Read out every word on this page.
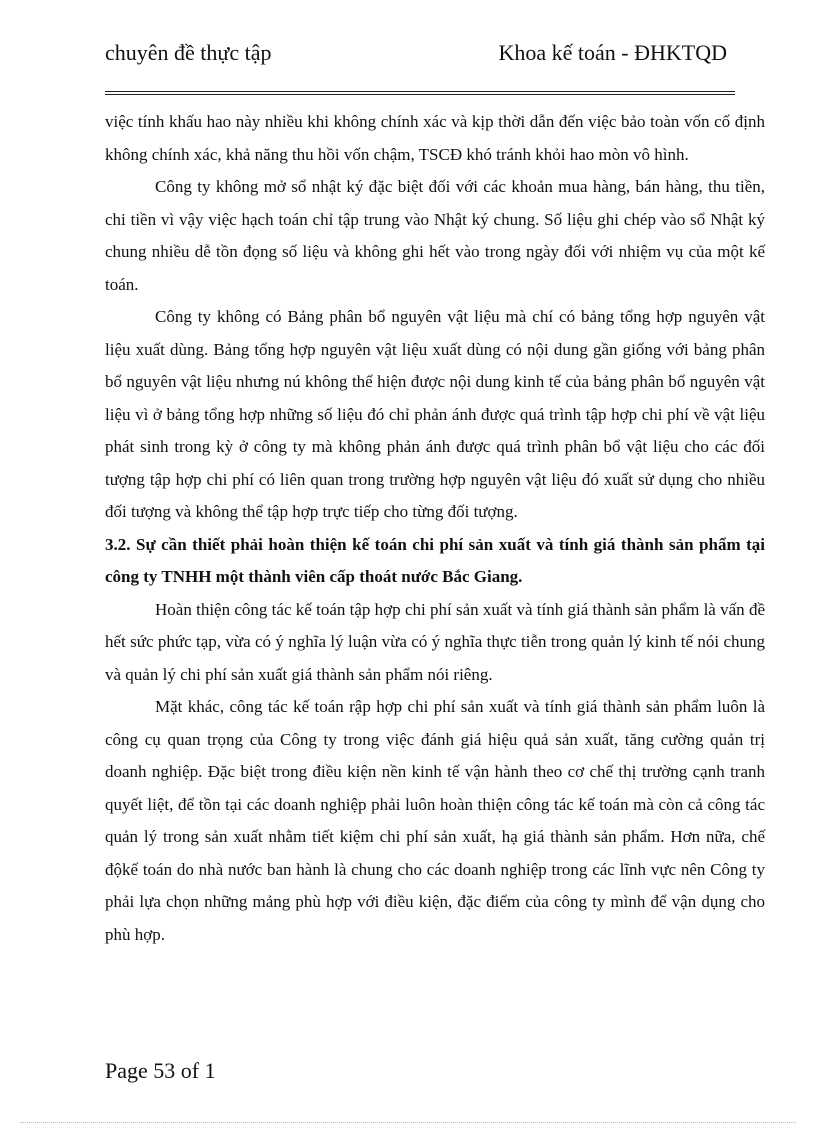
chuyên đề thực tập	Khoa kế toán - ĐHKTQD

việc tính khấu hao này nhiều khi không chính xác và kịp thời dẫn đến việc bảo toàn vốn cố định không chính xác, khả năng thu hồi vốn chậm, TSCĐ khó tránh khỏi hao mòn vô hình.

Công ty không mở sổ nhật ký đặc biệt đối với các khoản mua hàng, bán hàng, thu tiền, chi tiền vì vậy việc hạch toán chỉ tập trung vào Nhật ký chung. Số liệu ghi chép vào sổ Nhật ký chung nhiều dễ tồn đọng số liệu và không ghi hết vào trong ngày đối với nhiệm vụ của một kế toán.

Công ty không có Bảng phân bổ nguyên vật liệu mà chí có bảng tổng hợp nguyên vật liệu xuất dùng. Bảng tổng hợp nguyên vật liệu xuất dùng có nội dung gần giống với bảng phân bổ nguyên vật liệu nhưng nú không thể hiện được nội dung kinh tế của bảng phân bổ nguyên vật liệu vì ở bảng tổng hợp những số liệu đó chỉ phản ánh được quá trình tập hợp chi phí về vật liệu phát sinh trong kỳ ở công ty mà không phản ánh được quá trình phân bổ vật liệu cho các đối tượng tập hợp chi phí có liên quan trong trường hợp nguyên vật liệu đó xuất sử dụng cho nhiều đối tượng và không thể tập hợp trực tiếp cho từng đối tượng.

3.2. Sự cần thiết phải hoàn thiện kế toán chi phí sản xuất và tính giá thành sản phẩm tại công ty TNHH một thành viên cấp thoát nước Bắc Giang.

Hoàn thiện công tác kế toán tập hợp chi phí sản xuất và tính giá thành sản phẩm là vấn đề hết sức phức tạp, vừa có ý nghĩa lý luận vừa có ý nghĩa thực tiễn trong quản lý kinh tế nói chung và quản lý chi phí sản xuất giá thành sản phẩm nói riêng.

Mặt khác, công tác kế toán rập hợp chi phí sản xuất và tính giá thành sản phẩm luôn là công cụ quan trọng của Công ty trong việc đánh giá hiệu quả sản xuất, tăng cường quản trị doanh nghiệp. Đặc biệt trong điều kiện nền kinh tế vận hành theo cơ chế thị trường cạnh tranh quyết liệt, để tồn tại các doanh nghiệp phải luôn hoàn thiện công tác kế toán mà còn cả công tác quản lý trong sản xuất nhằm tiết kiệm chi phí sản xuất, hạ giá thành sản phẩm. Hơn nữa, chế độkế toán do nhà nước ban hành là chung cho các doanh nghiệp trong các lĩnh vực nên Công ty phải lựa chọn những mảng phù hợp với điều kiện, đặc điểm của công ty mình để vận dụng cho phù hợp.

Page 53 of 1
